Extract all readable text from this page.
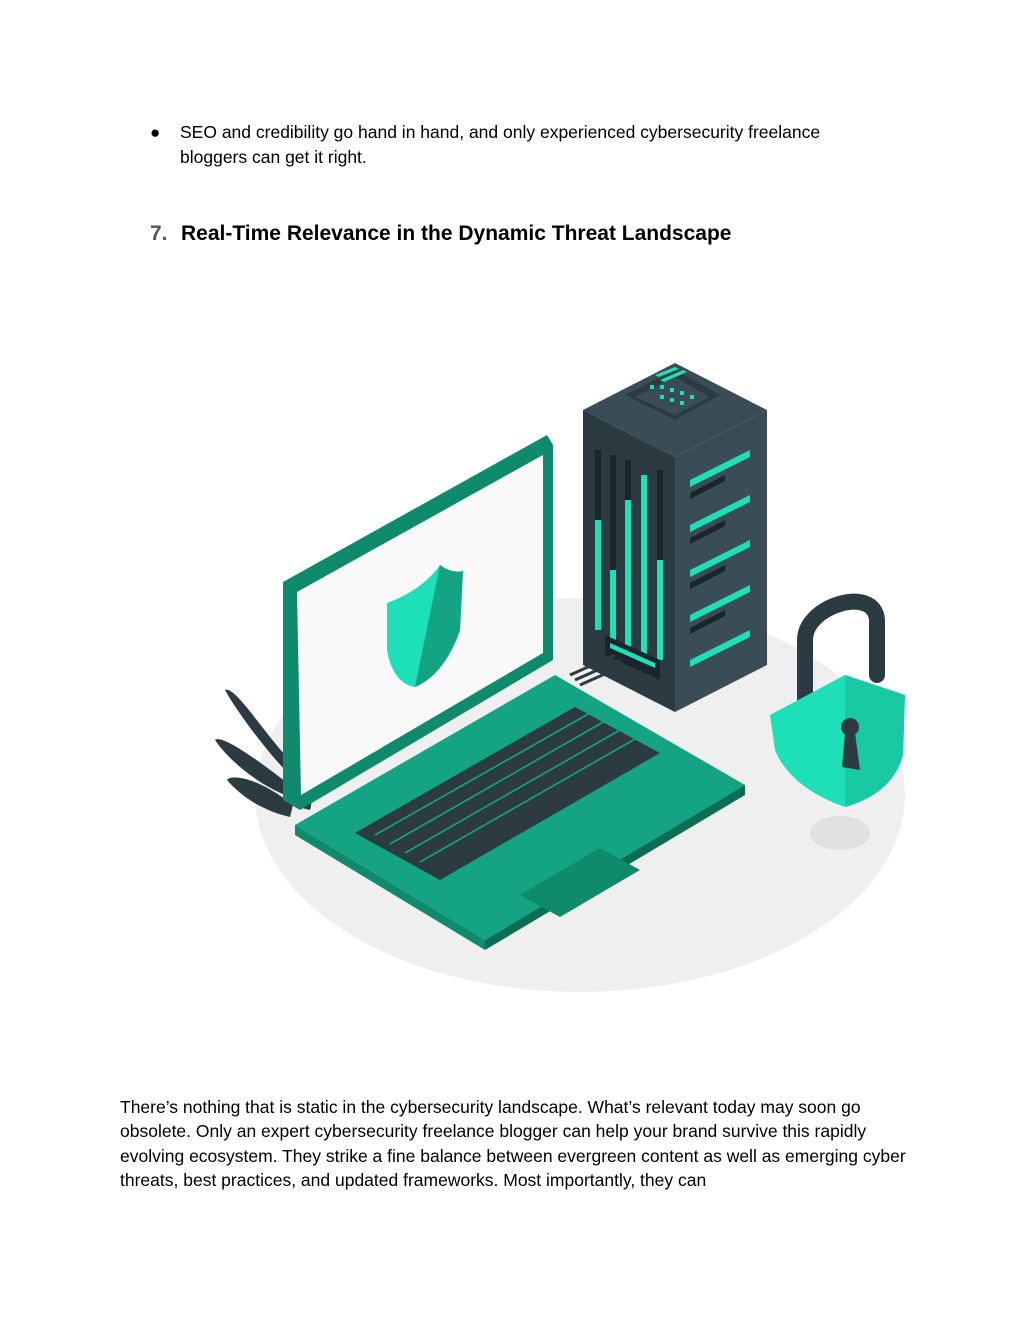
●	SEO and credibility go hand in hand, and only experienced cybersecurity freelance bloggers can get it right.
7. Real-Time Relevance in the Dynamic Threat Landscape
There’s nothing that is static in the cybersecurity landscape. What’s relevant today may soon go obsolete. Only an expert cybersecurity freelance blogger can help your brand survive this rapidly evolving ecosystem. They strike a fine balance between evergreen content as well as emerging cyber threats, best practices, and updated frameworks. Most importantly, they can
